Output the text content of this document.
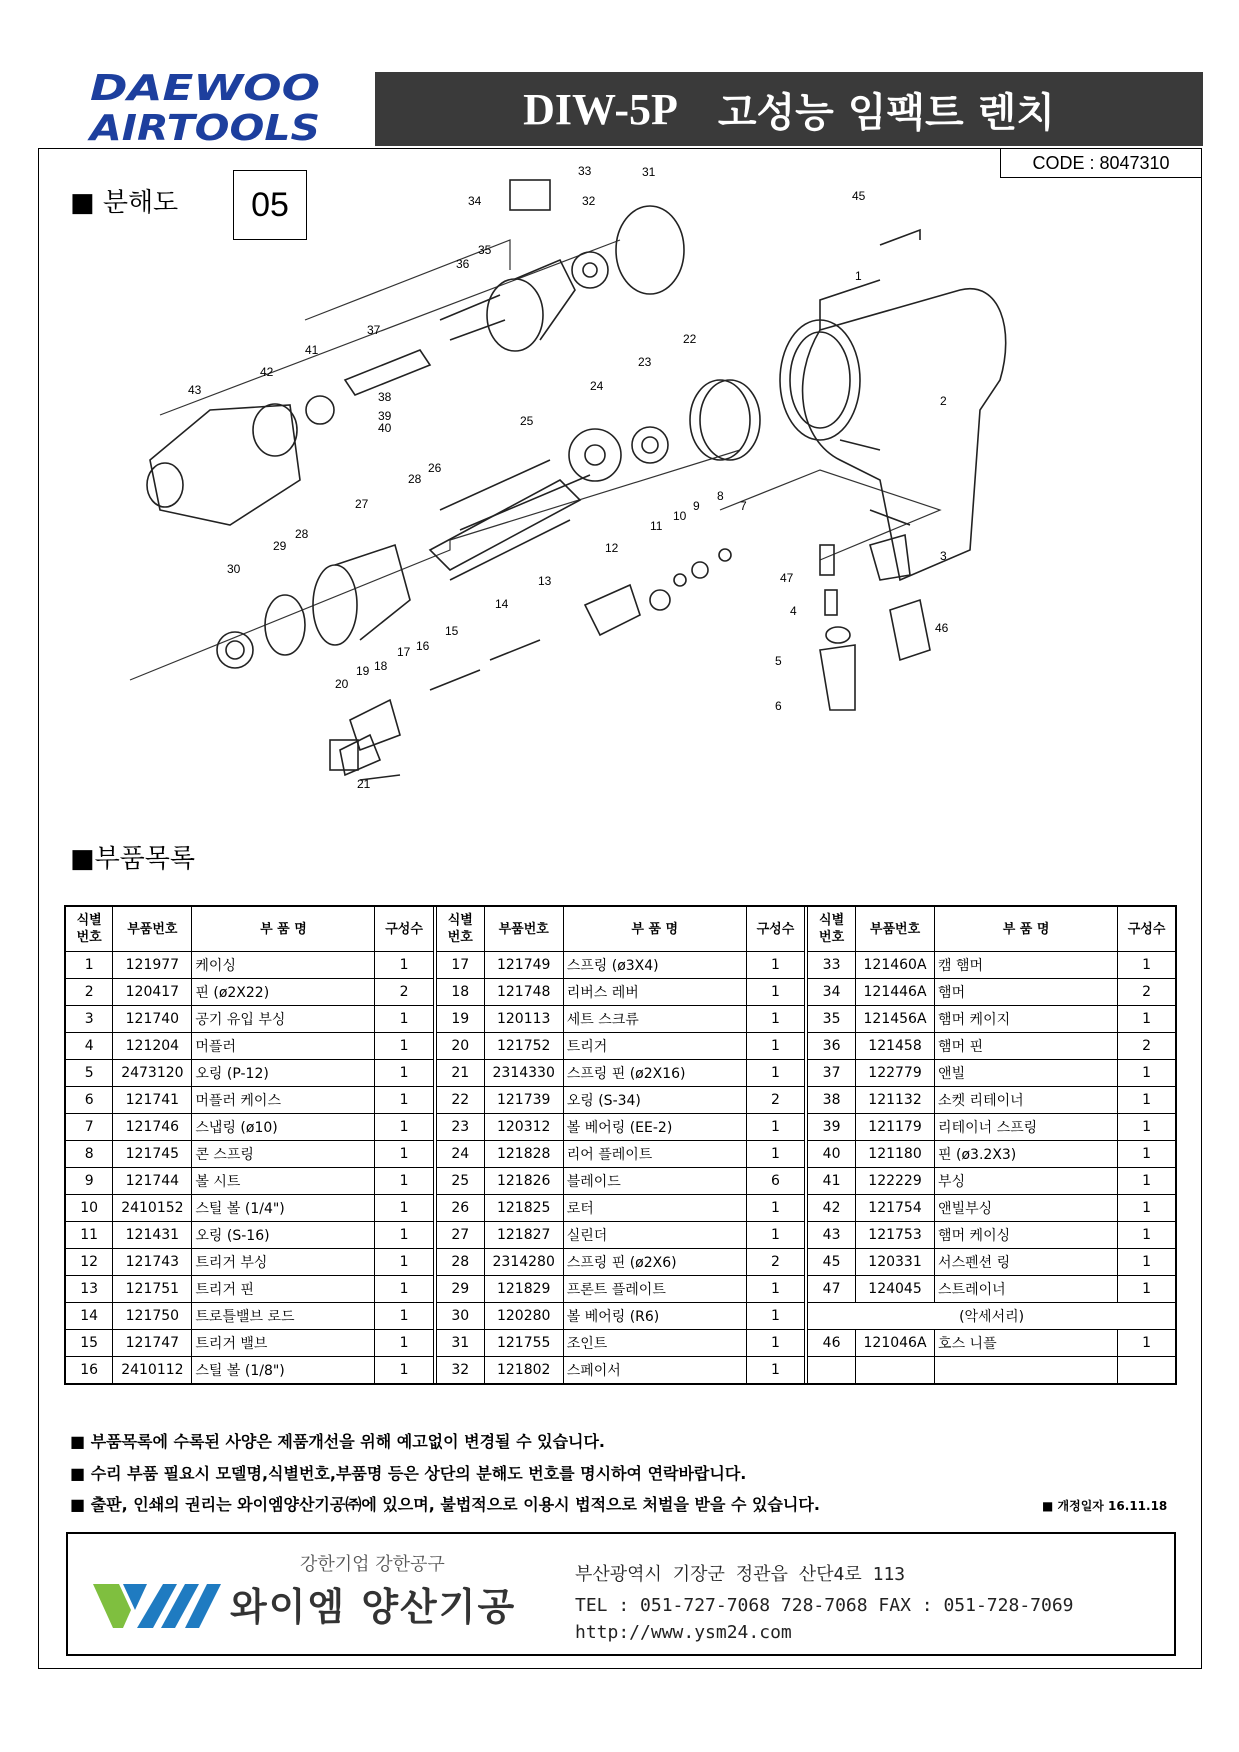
DAEWOO
AIRTOOLS	DIW-5P 고성능 임팩트 렌치
CODE : 8047310
■ 분해도	05
1
2
3
4
5
6
7
8
9
10
11
12
13
14
15
16
17
18
19
20
21
22
23
24
25
26
27
28
28
29
30
31
32
33
34
35
36
37
38
39
40
41
42
43
45
46
47
■부품목록
식별
번호	부품번호	부 품 명	구성수		식별
번호	부품번호	부 품 명	구성수		식별
번호	부품번호	부 품 명	구성수
1	121977	케이싱	1		17	121749	스프링 (ø3X4)	1		33	121460A	캠 햄머	1
2	120417	핀 (ø2X22)	2		18	121748	리버스 레버	1		34	121446A	햄머	2
3	121740	공기 유입 부싱	1		19	120113	세트 스크류	1		35	121456A	햄머 케이지	1
4	121204	머플러	1		20	121752	트리거	1		36	121458	햄머 핀	2
5	2473120	오링 (P-12)	1		21	2314330	스프링 핀 (ø2X16)	1		37	122779	앤빌	1
6	121741	머플러 케이스	1		22	121739	오링 (S-34)	2		38	121132	소켓 리테이너	1
7	121746	스냅링 (ø10)	1		23	120312	볼 베어링 (EE-2)	1		39	121179	리테이너 스프링	1
8	121745	콘 스프링	1		24	121828	리어 플레이트	1		40	121180	핀 (ø3.2X3)	1
9	121744	볼 시트	1		25	121826	블레이드	6		41	122229	부싱	1
10	2410152	스틸 볼 (1/4")	1		26	121825	로터	1		42	121754	앤빌부싱	1
11	121431	오링 (S-16)	1		27	121827	실린더	1		43	121753	햄머 케이싱	1
12	121743	트리거 부싱	1		28	2314280	스프링 핀 (ø2X6)	2		45	120331	서스펜션 링	1
13	121751	트리거 핀	1		29	121829	프론트 플레이트	1		47	124045	스트레이너	1
14	121750	트로틀밸브 로드	1		30	120280	볼 베어링 (R6)	1		(악세서리)			
15	121747	트리거 밸브	1		31	121755	조인트	1		46	121046A	호스 니플	1
16	2410112	스틸 볼 (1/8")	1		32	121802	스페이서	1					
■ 부품목록에 수록된 사양은 제품개선을 위해 예고없이 변경될 수 있습니다.
■ 수리 부품 필요시 모델명,식별번호,부품명 등은 상단의 분해도 번호를 명시하여 연락바랍니다.
■ 출판, 인쇄의 권리는 와이엠양산기공㈜에 있으며, 불법적으로 이용시 법적으로 처벌을 받을 수 있습니다.	■ 개정일자 16.11.18
강한기업 강한공구
와이엠 양산기공
부산광역시 기장군 정관읍 산단4로 113
TEL : 051-727-7068 728-7068 FAX : 051-728-7069
http://www.ysm24.com
